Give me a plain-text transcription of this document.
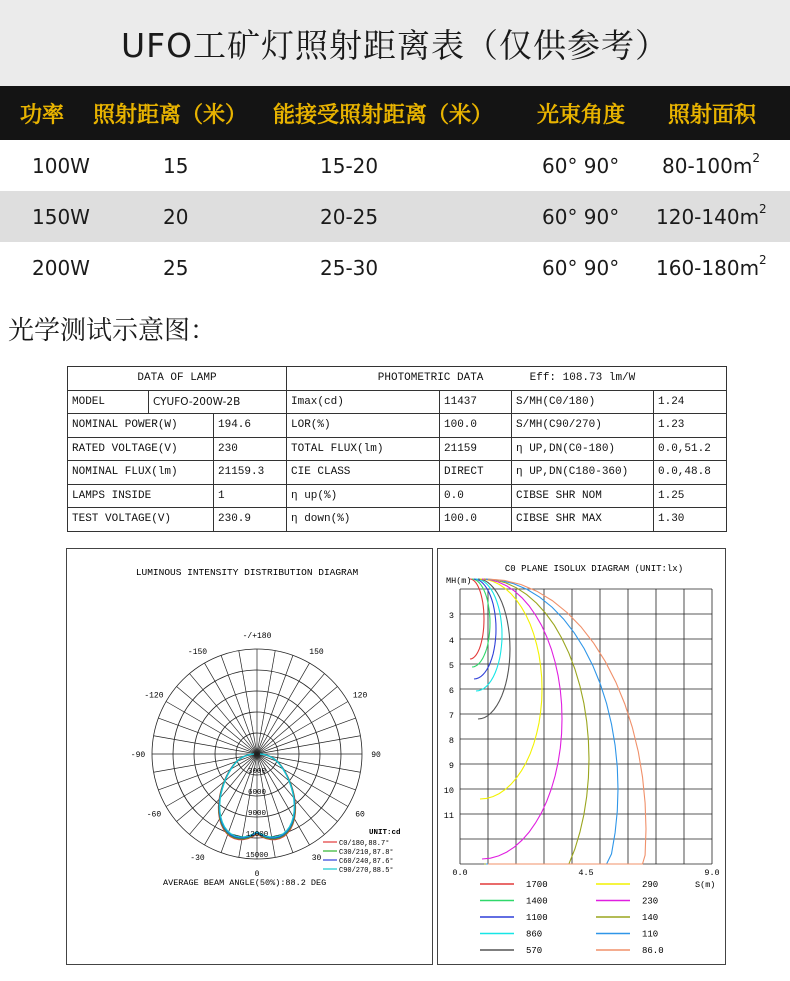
UFO工矿灯照射距离表（仅供参考）
功率 照射距离（米） 能接受照射距离（米） 光束角度 照射面积
100W	15	15-20	60° 90° $80-100m^2$
150W	20	20-25	60° 90° $120-140m^2$
200W	25	25-30	60° 90° $160-180m^2$
光学测试示意图：
DATA OF LAMP			PHOTOMETRIC DATA Eff: 108.73 lm/W			
MODEL	CYUFO-200W-2B		Imax(cd)	11437	S/MH(C0/180)	1.24
NOMINAL POWER(W)		194.6	LOR(%)	100.0	S/MH(C90/270)	1.23
RATED VOLTAGE(V)		230	TOTAL FLUX(lm)	21159	η UP,DN(C0-180)	0.0,51.2
NOMINAL FLUX(lm)		21159.3	CIE CLASS	DIRECT	η UP,DN(C180-360)	0.0,48.8
LAMPS INSIDE		1	η up(%)	0.0	CIBSE SHR NOM	1.25
TEST VOLTAGE(V)		230.9	η down(%)	100.0	CIBSE SHR MAX	1.30
LUMINOUS INTENSITY DISTRIBUTION DIAGRAM
-/+180
-150	150
-120	120
-90	90
-60	60
-30	30
0
3000
6000
9000
12000
15000
UNIT:cd
C0/180,88.7°
C30/210,87.8°
C60/240,87.6°
C90/270,88.5°
AVERAGE BEAM ANGLE(50%):88.2 DEG
C0 PLANE ISOLUX DIAGRAM (UNIT:lx)
MH(m)
S(m)
3
4
5
6
7
8
9
10
11
0.0	4.5	9.0
1700	290
1400	230
1100	140
860	110
570	86.0
